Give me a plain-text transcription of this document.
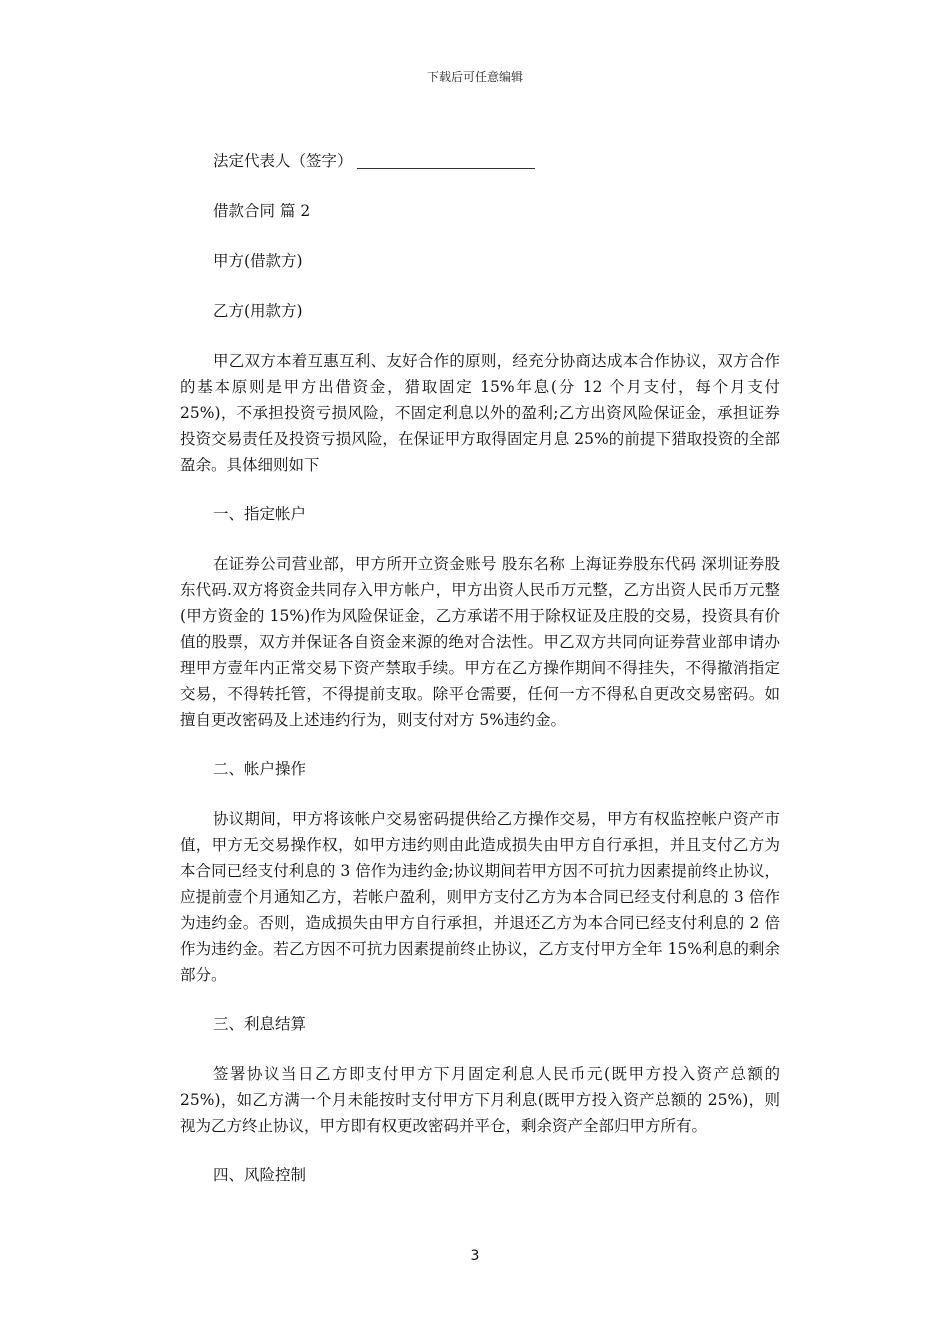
下载后可任意编辑

法定代表人（签字）

借款合同 篇 2

甲方(借款方)

乙方(用款方)

甲乙双方本着互惠互利、友好合作的原则，经充分协商达成本合作协议，双方合作的基本原则是甲方出借资金，猎取固定 15%年息(分 12 个月支付，每个月支付 25%)，不承担投资亏损风险，不固定利息以外的盈利;乙方出资风险保证金，承担证券投资交易责任及投资亏损风险，在保证甲方取得固定月息 25%的前提下猎取投资的全部盈余。具体细则如下

一、指定帐户

在证券公司营业部，甲方所开立资金账号 股东名称 上海证券股东代码 深圳证券股东代码.双方将资金共同存入甲方帐户，甲方出资人民币万元整，乙方出资人民币万元整(甲方资金的 15%)作为风险保证金，乙方承诺不用于除权证及庄股的交易，投资具有价值的股票，双方并保证各自资金来源的绝对合法性。甲乙双方共同向证券营业部申请办理甲方壹年内正常交易下资产禁取手续。甲方在乙方操作期间不得挂失，不得撤消指定交易，不得转托管，不得提前支取。除平仓需要，任何一方不得私自更改交易密码。如擅自更改密码及上述违约行为，则支付对方 5%违约金。

二、帐户操作

协议期间，甲方将该帐户交易密码提供给乙方操作交易，甲方有权监控帐户资产市值，甲方无交易操作权，如甲方违约则由此造成损失由甲方自行承担，并且支付乙方为本合同已经支付利息的 3 倍作为违约金;协议期间若甲方因不可抗力因素提前终止协议，应提前壹个月通知乙方，若帐户盈利，则甲方支付乙方为本合同已经支付利息的 3 倍作为违约金。否则，造成损失由甲方自行承担，并退还乙方为本合同已经支付利息的 2 倍作为违约金。若乙方因不可抗力因素提前终止协议，乙方支付甲方全年 15%利息的剩余部分。

三、利息结算

签署协议当日乙方即支付甲方下月固定利息人民币元(既甲方投入资产总额的 25%)，如乙方满一个月未能按时支付甲方下月利息(既甲方投入资产总额的 25%)，则视为乙方终止协议，甲方即有权更改密码并平仓，剩余资产全部归甲方所有。

四、风险控制

3
